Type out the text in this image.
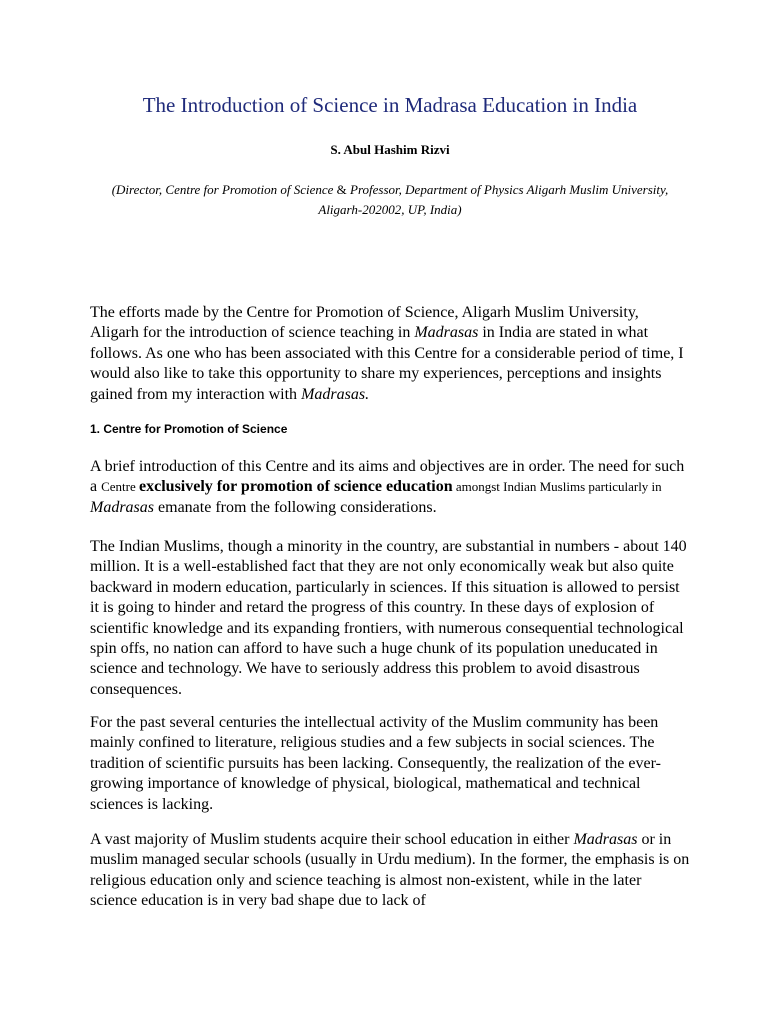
The Introduction of Science in Madrasa Education in India
S. Abul Hashim Rizvi
(Director, Centre for Promotion of Science & Professor, Department of Physics Aligarh Muslim University, Aligarh-202002, UP, India)

The efforts made by the Centre for Promotion of Science, Aligarh Muslim University, Aligarh for the introduction of science teaching in Madrasas in India are stated in what follows. As one who has been associated with this Centre for a considerable period of time, I would also like to take this opportunity to share my experiences, perceptions and insights gained from my interaction with Madrasas.

1. Centre for Promotion of Science

A brief introduction of this Centre and its aims and objectives are in order. The need for such a Centre exclusively for promotion of science education amongst Indian Muslims particularly in Madrasas emanate from the following considerations.

The Indian Muslims, though a minority in the country, are substantial in numbers - about 140 million. It is a well-established fact that they are not only economically weak but also quite backward in modern education, particularly in sciences. If this situation is allowed to persist it is going to hinder and retard the progress of this country. In these days of explosion of scientific knowledge and its expanding frontiers, with numerous consequential technological spin offs, no nation can afford to have such a huge chunk of its population uneducated in science and technology. We have to seriously address this problem to avoid disastrous consequences.

For the past several centuries the intellectual activity of the Muslim community has been mainly confined to literature, religious studies and a few subjects in social sciences. The tradition of scientific pursuits has been lacking. Consequently, the realization of the ever-growing importance of knowledge of physical, biological, mathematical and technical sciences is lacking.

A vast majority of Muslim students acquire their school education in either Madrasas or in muslim managed secular schools (usually in Urdu medium). In the former, the emphasis is on religious education only and science teaching is almost non-existent, while in the later science education is in very bad shape due to lack of
